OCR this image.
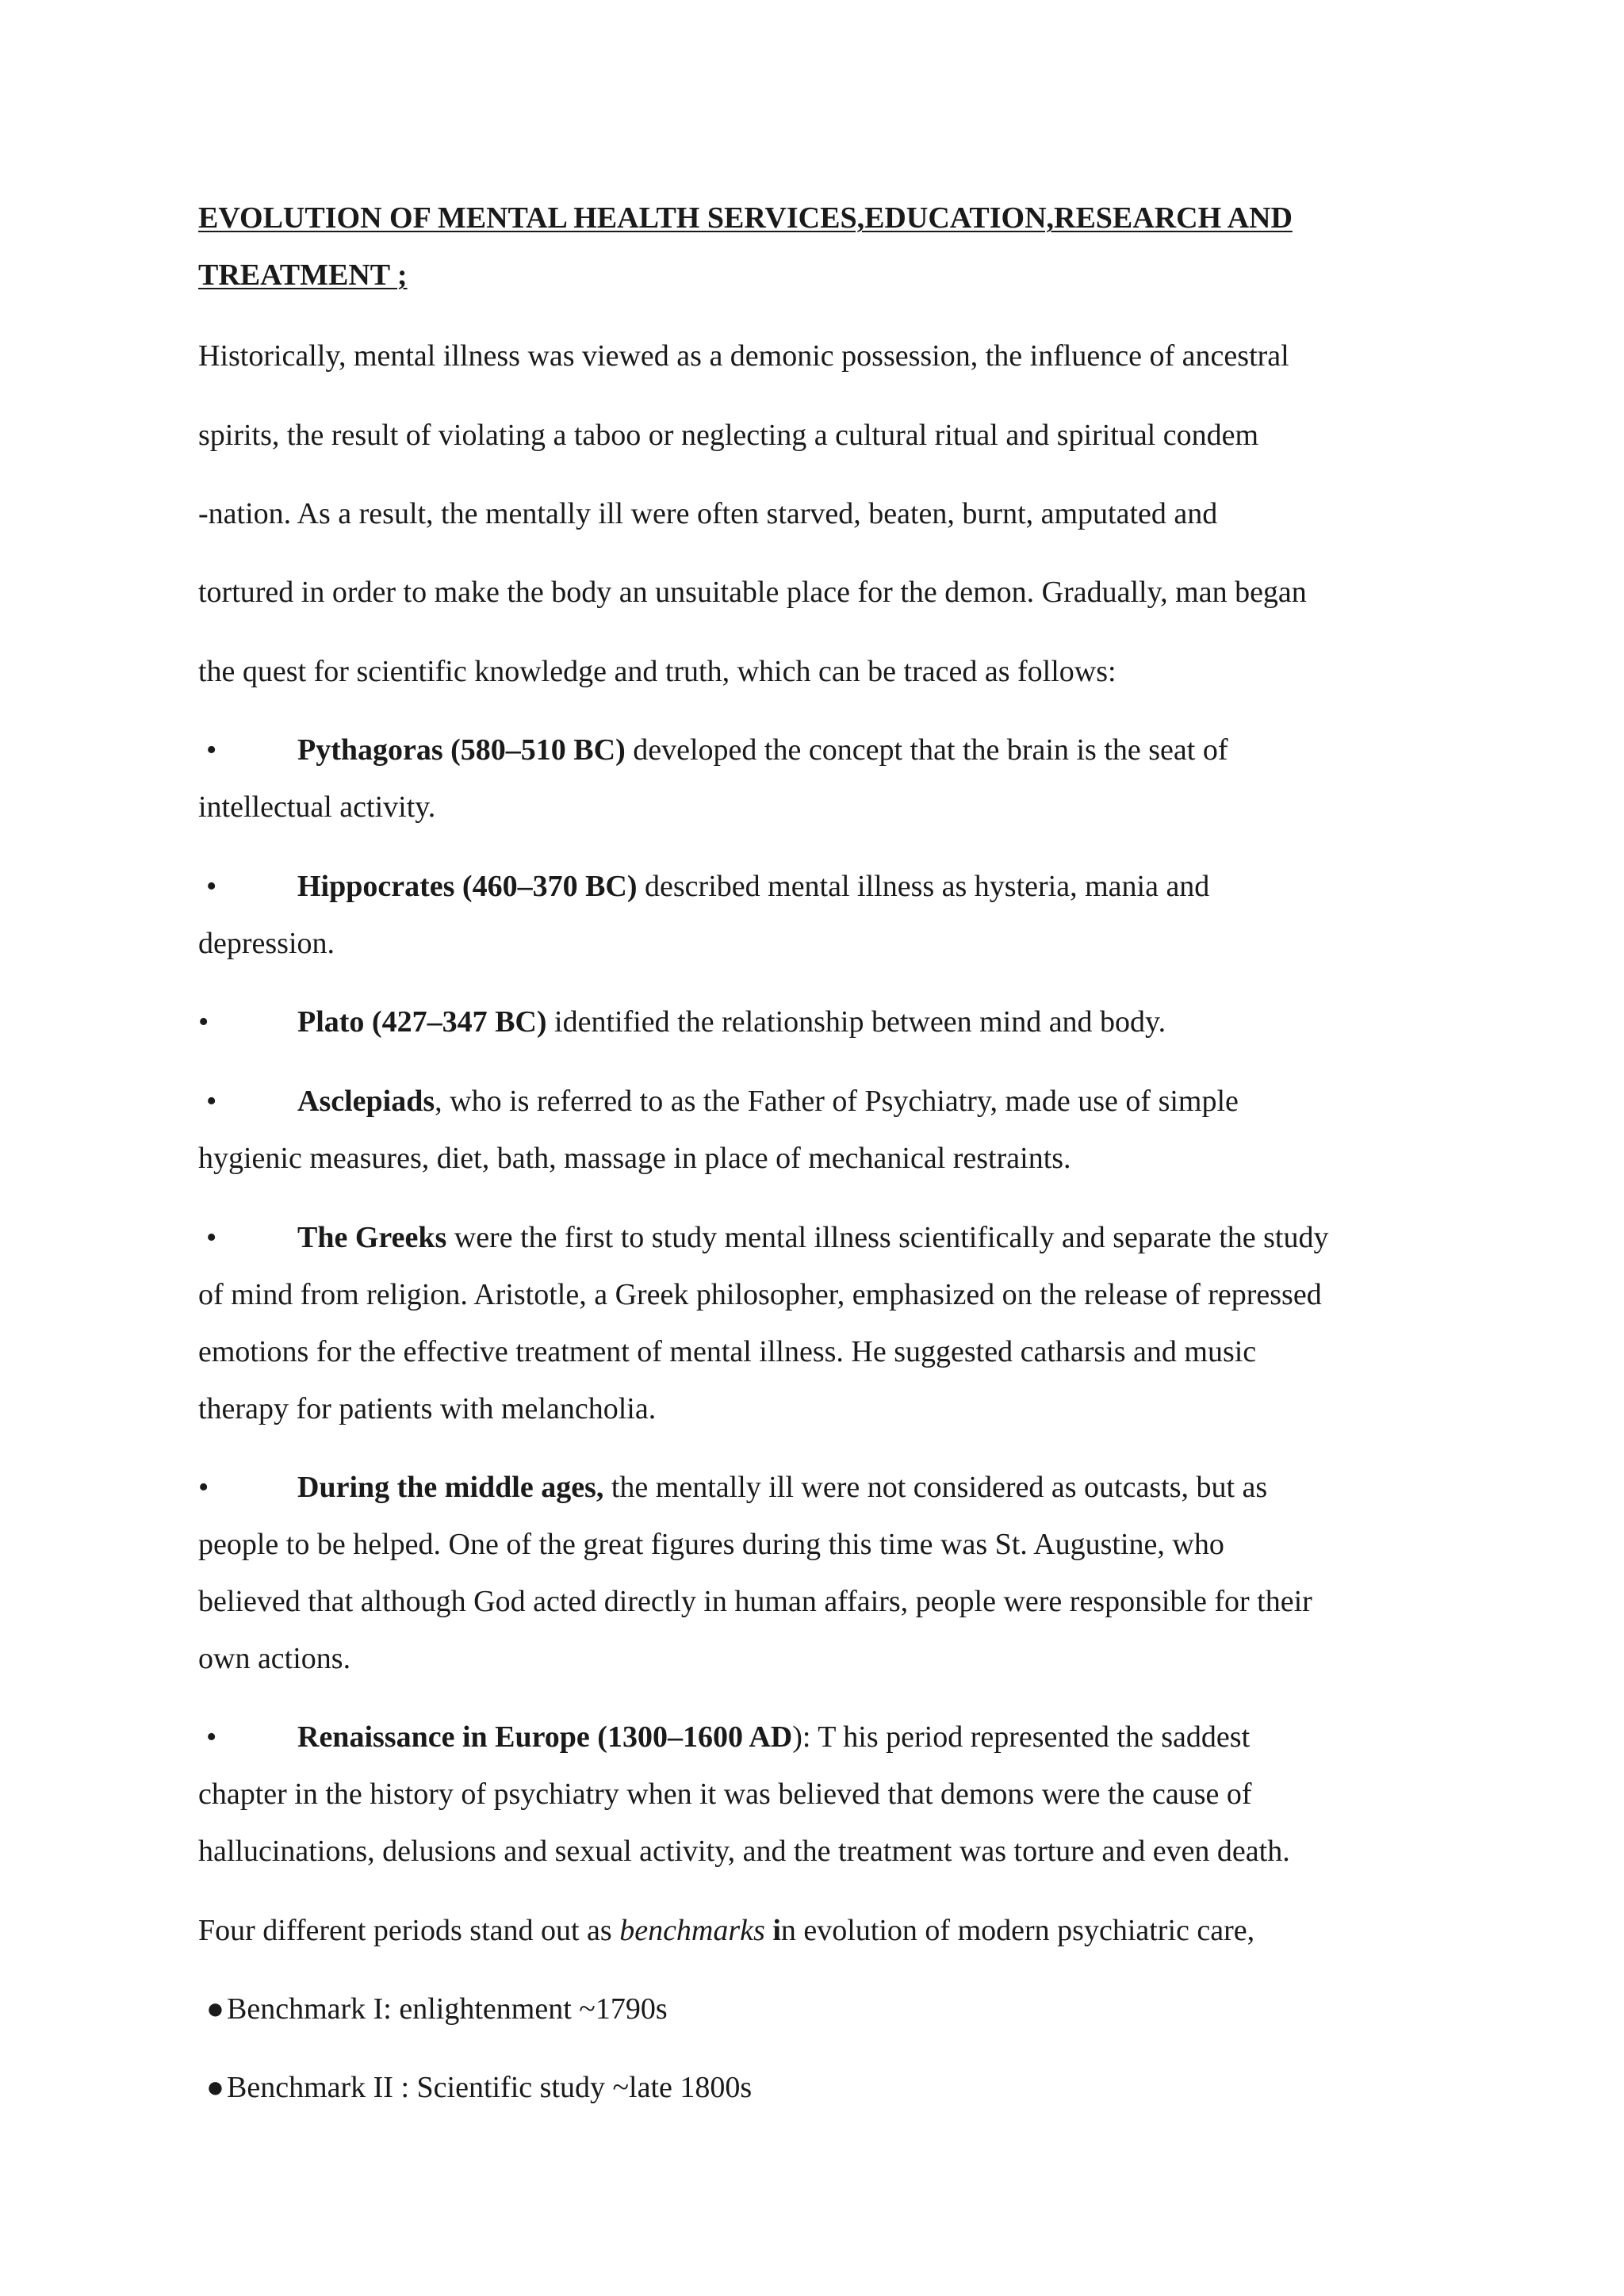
EVOLUTION OF MENTAL HEALTH SERVICES,EDUCATION,RESEARCH AND
TREATMENT ;
Historically, mental illness was viewed as a demonic possession, the influence of ancestral
spirits, the result of violating a taboo or neglecting a cultural ritual and spiritual condem
-nation. As a result, the mentally ill were often starved, beaten, burnt, amputated and
tortured in order to make the body an unsuitable place for the demon. Gradually, man began
the quest for scientific knowledge and truth, which can be traced as follows:
•	Pythagoras (580–510 BC) developed the concept that the brain is the seat of
intellectual activity.
•	Hippocrates (460–370 BC) described mental illness as hysteria, mania and
depression.
•	Plato (427–347 BC) identified the relationship between mind and body.
•	Asclepiads, who is referred to as the Father of Psychiatry, made use of simple
hygienic measures, diet, bath, massage in place of mechanical restraints.
•	The Greeks were the first to study mental illness scientifically and separate the study
of mind from religion. Aristotle, a Greek philosopher, emphasized on the release of repressed
emotions for the effective treatment of mental illness. He suggested catharsis and music
therapy for patients with melancholia.
•	During the middle ages, the mentally ill were not considered as outcasts, but as
people to be helped. One of the great figures during this time was St. Augustine, who
believed that although God acted directly in human affairs, people were responsible for their
own actions.
•	Renaissance in Europe (1300–1600 AD): T his period represented the saddest
chapter in the history of psychiatry when it was believed that demons were the cause of
hallucinations, delusions and sexual activity, and the treatment was torture and even death.
Four different periods stand out as benchmarks in evolution of modern psychiatric care,
●Benchmark I: enlightenment ~1790s
●Benchmark II : Scientific study ~late 1800s
